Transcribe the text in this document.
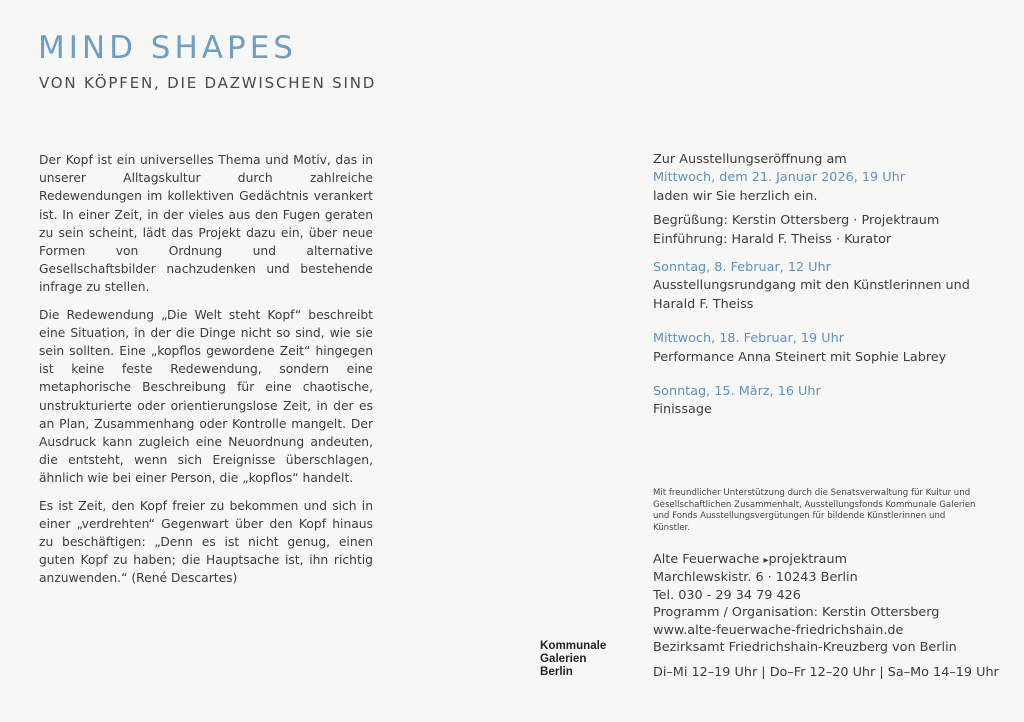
MIND SHAPES
VON KÖPFEN, DIE DAZWISCHEN SIND

Der Kopf ist ein universelles Thema und Motiv, das in unserer Alltagskultur durch zahlreiche Redewendungen im kollektiven Gedächtnis verankert ist. In einer Zeit, in der vieles aus den Fugen geraten zu sein scheint, lädt das Projekt dazu ein, über neue Formen von Ordnung und alternative Gesellschaftsbilder nachzudenken und bestehende infrage zu stellen.

Die Redewendung „Die Welt steht Kopf“ beschreibt eine Situation, in der die Dinge nicht so sind, wie sie sein sollten. Eine „kopflos gewordene Zeit“ hingegen ist keine feste Redewendung, sondern eine metaphorische Beschreibung für eine chaotische, unstrukturierte oder orientierungslose Zeit, in der es an Plan, Zusammenhang oder Kontrolle mangelt. Der Ausdruck kann zugleich eine Neuordnung andeuten, die entsteht, wenn sich Ereignisse überschlagen, ähnlich wie bei einer Person, die „kopflos“ handelt.

Es ist Zeit, den Kopf freier zu bekommen und sich in einer „verdrehten“ Gegenwart über den Kopf hinaus zu beschäftigen: „Denn es ist nicht genug, einen guten Kopf zu haben; die Hauptsache ist, ihn richtig anzuwenden.“ (René Descartes)

Zur Ausstellungseröffnung am

Mittwoch, dem 21. Januar 2026, 19 Uhr

laden wir Sie herzlich ein.

Begrüßung: Kerstin Ottersberg · Projektraum

Einführung: Harald F. Theiss · Kurator

Sonntag, 8. Februar, 12 Uhr

Ausstellungsrundgang mit den Künstlerinnen und Harald F. Theiss

Mittwoch, 18. Februar, 19 Uhr

Performance Anna Steinert mit Sophie Labrey

Sonntag, 15. März, 16 Uhr

Finissage

Mit freundlicher Unterstützung durch die Senatsverwaltung für Kultur und Gesellschaftlichen Zusammenhalt, Ausstellungsfonds Kommunale Galerien und Fonds Ausstellungsvergütungen für bildende Künstlerinnen und Künstler.

Alte Feuerwache ▸projektraum

Marchlewskistr. 6 · 10243 Berlin

Tel. 030 - 29 34 79 426

Programm / Organisation: Kerstin Ottersberg

www.alte-feuerwache-friedrichshain.de

Bezirksamt Friedrichshain-Kreuzberg von Berlin

Di–Mi 12–19 Uhr | Do–Fr 12–20 Uhr | Sa–Mo 14–19 Uhr

Kommunale
Galerien
Berlin
